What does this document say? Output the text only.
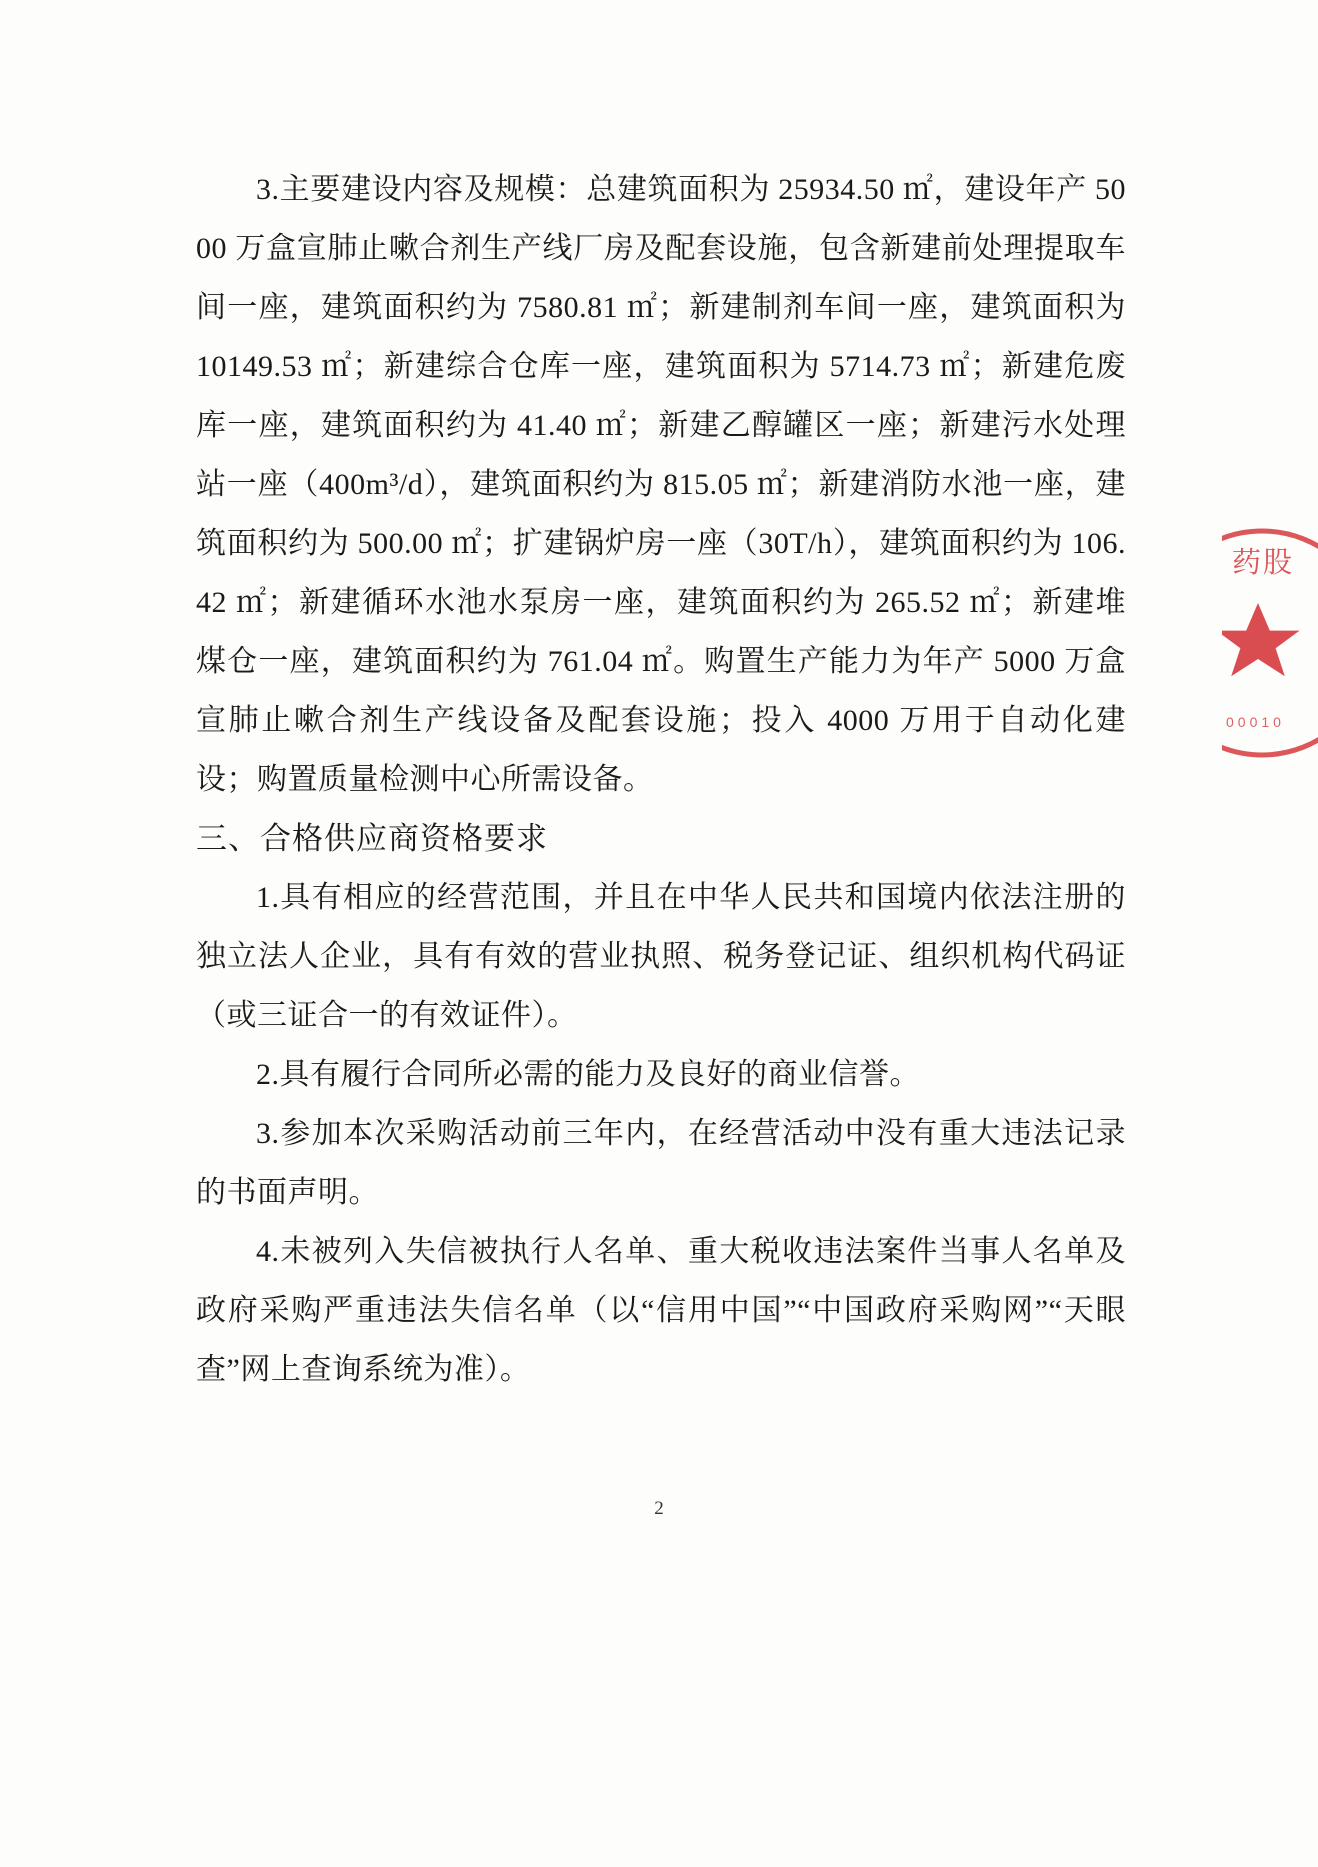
3.主要建设内容及规模：总建筑面积为 25934.50 ㎡，建设年产 5000 万盒宣肺止嗽合剂生产线厂房及配套设施，包含新建前处理提取车间一座，建筑面积约为 7580.81 ㎡；新建制剂车间一座，建筑面积为 10149.53 ㎡；新建综合仓库一座，建筑面积为 5714.73 ㎡；新建危废库一座，建筑面积约为 41.40 ㎡；新建乙醇罐区一座；新建污水处理站一座（400m³/d），建筑面积约为 815.05 ㎡；新建消防水池一座，建筑面积约为 500.00 ㎡；扩建锅炉房一座（30T/h），建筑面积约为 106.42 ㎡；新建循环水池水泵房一座，建筑面积约为 265.52 ㎡；新建堆煤仓一座，建筑面积约为 761.04 ㎡。购置生产能力为年产 5000 万盒宣肺止嗽合剂生产线设备及配套设施；投入 4000 万用于自动化建设；购置质量检测中心所需设备。

三、合格供应商资格要求

1.具有相应的经营范围，并且在中华人民共和国境内依法注册的独立法人企业，具有有效的营业执照、税务登记证、组织机构代码证（或三证合一的有效证件）。

2.具有履行合同所必需的能力及良好的商业信誉。

3.参加本次采购活动前三年内，在经营活动中没有重大违法记录的书面声明。

4.未被列入失信被执行人名单、重大税收违法案件当事人名单及政府采购严重违法失信名单（以“信用中国”“中国政府采购网”“天眼查”网上查询系统为准）。

药股
00010
2
